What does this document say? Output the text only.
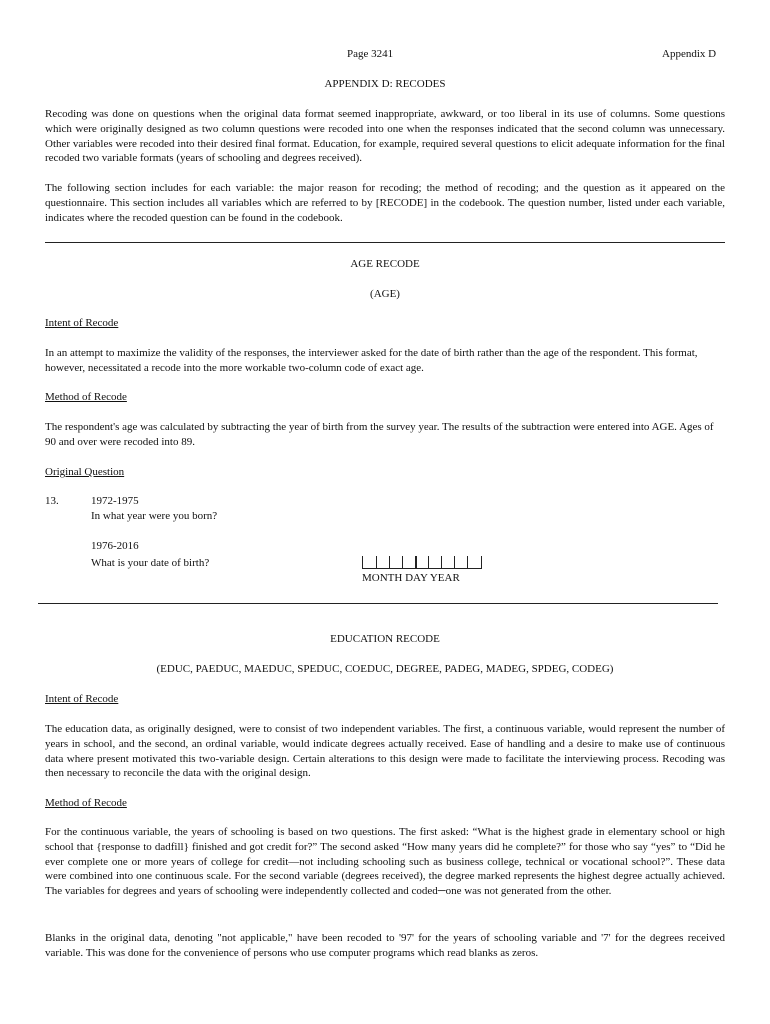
Page 3241	Appendix D
APPENDIX D: RECODES
Recoding was done on questions when the original data format seemed inappropriate, awkward, or too liberal in its use of columns. Some questions which were originally designed as two column questions were recoded into one when the responses indicated that the second column was unnecessary. Other variables were recoded into their desired final format. Education, for example, required several questions to elicit adequate information for the final recoded two variable formats (years of schooling and degrees received).
The following section includes for each variable: the major reason for recoding; the method of recoding; and the question as it appeared on the questionnaire. This section includes all variables which are referred to by [RECODE] in the codebook. The question number, listed under each variable, indicates where the recoded question can be found in the codebook.
AGE RECODE
(AGE)
Intent of Recode
In an attempt to maximize the validity of the responses, the interviewer asked for the date of birth rather than the age of the respondent. This format, however, necessitated a recode into the more workable two-column code of exact age.
Method of Recode
The respondent's age was calculated by subtracting the year of birth from the survey year. The results of the subtraction were entered into AGE. Ages of 90 and over were recoded into 89.
Original Question
13.	1972-1975
In what year were you born?
1976-2016
What is your date of birth?
MONTH DAY YEAR
EDUCATION RECODE
(EDUC, PAEDUC, MAEDUC, SPEDUC, COEDUC, DEGREE, PADEG, MADEG, SPDEG, CODEG)
Intent of Recode
The education data, as originally designed, were to consist of two independent variables. The first, a continuous variable, would represent the number of years in school, and the second, an ordinal variable, would indicate degrees actually received. Ease of handling and a desire to make use of continuous data where present motivated this two-variable design. Certain alterations to this design were made to facilitate the interviewing process. Recoding was then necessary to reconcile the data with the original design.
Method of Recode
For the continuous variable, the years of schooling is based on two questions. The first asked: “What is the highest grade in elementary school or high school that {response to dadfill} finished and got credit for?” The second asked “How many years did he complete?” for those who say “yes” to “Did he ever complete one or more years of college for credit—not including schooling such as business college, technical or vocational school?”. These data were combined into one continuous scale. For the second variable (degrees received), the degree marked represents the highest degree actually achieved. The variables for degrees and years of schooling were independently collected and coded─one was not generated from the other.
Blanks in the original data, denoting "not applicable," have been recoded to '97' for the years of schooling variable and '7' for the degrees received variable. This was done for the convenience of persons who use computer programs which read blanks as zeros.
